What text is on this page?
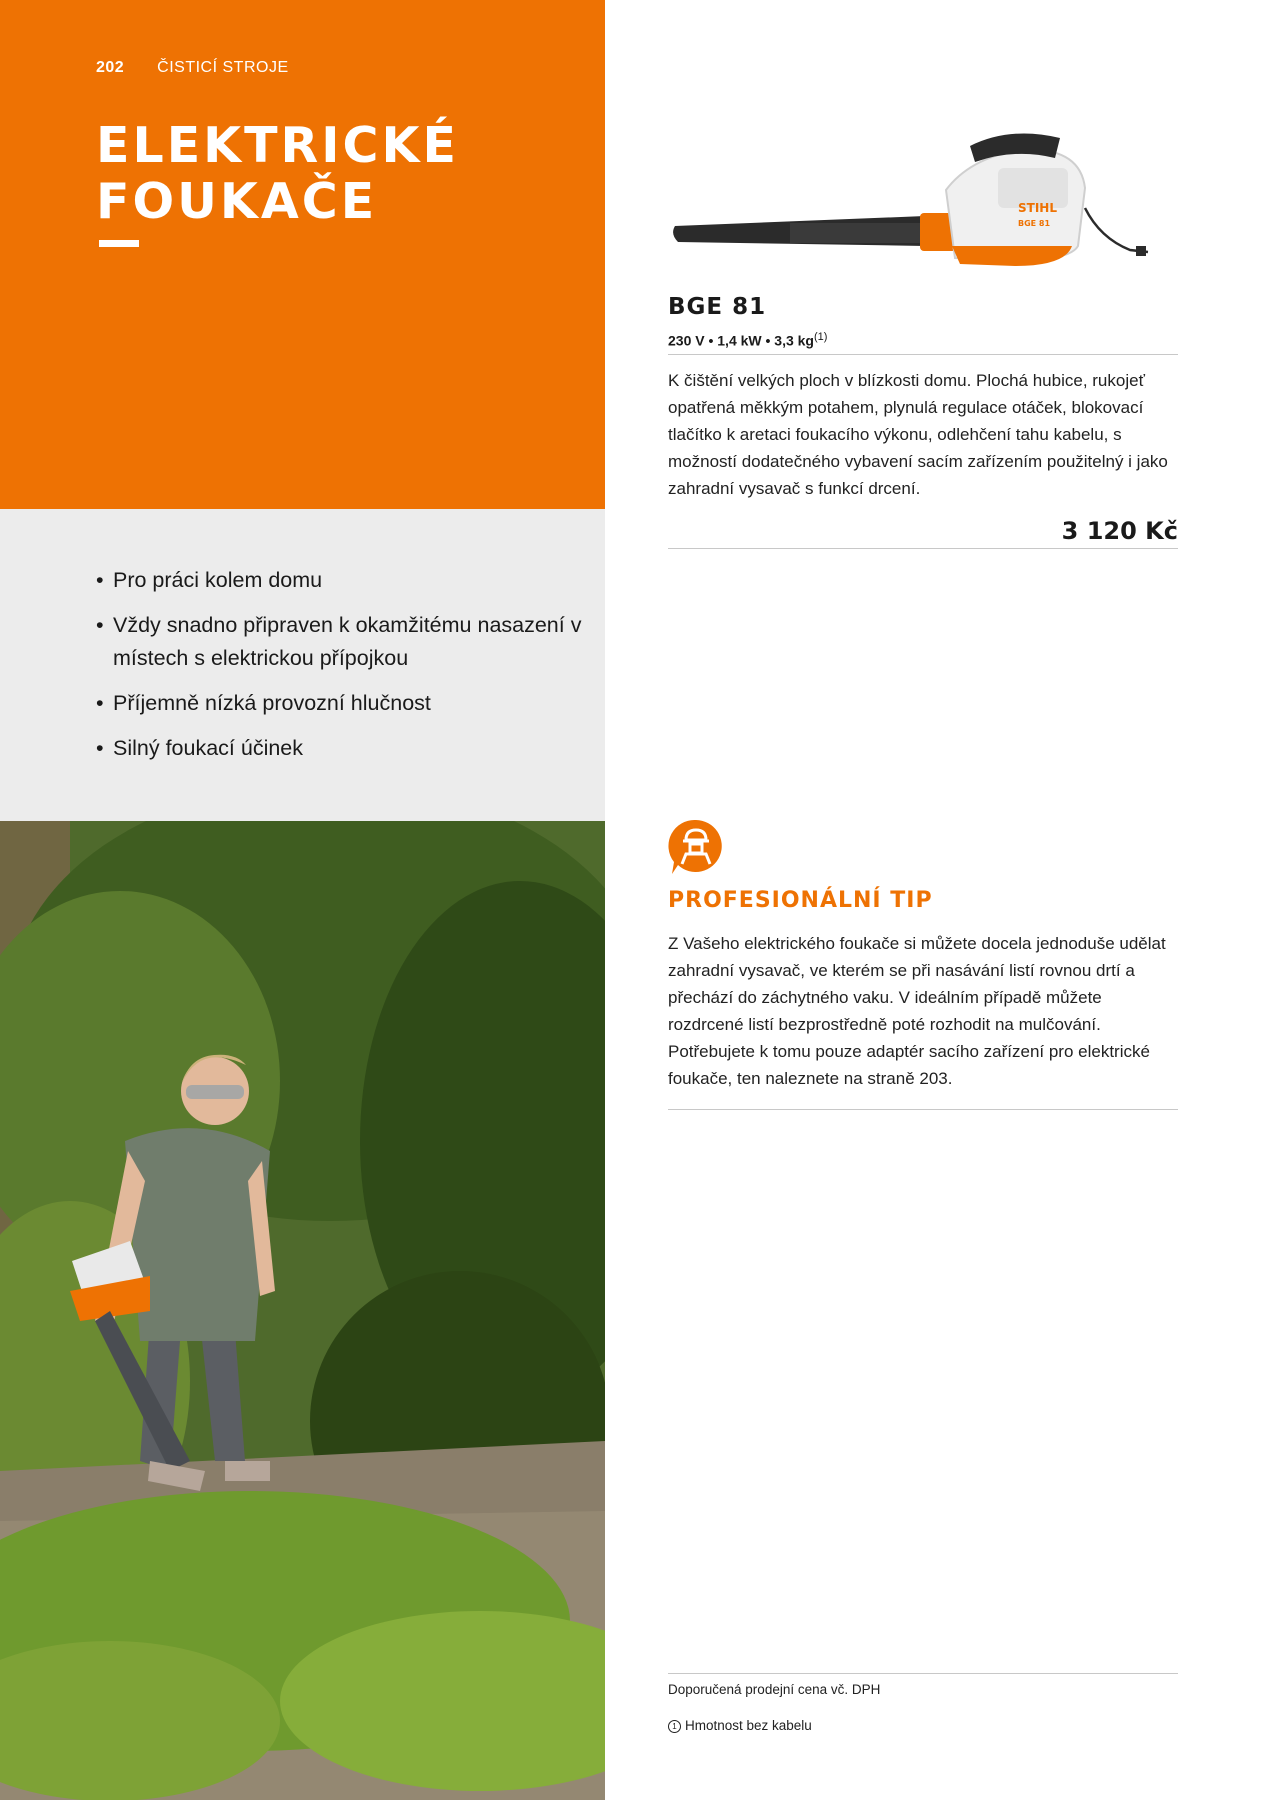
202 ČISTICÍ STROJE
ELEKTRICKÉ
FOUKAČE
• Pro práci kolem domu
• Vždy snadno připraven k okamžitému nasazení v místech s elektrickou přípojkou
• Příjemně nízká provozní hlučnost
• Silný foukací účinek
STIHL
BGE 81
BGE 81
230 V • 1,4 kW • 3,3 $kg^{(1)}$

K čištění velkých ploch v blízkosti domu. Plochá hubice, rukojeť opatřená měkkým potahem, plynulá regulace otáček, blokovací tlačítko k aretaci foukacího výkonu, odlehčení tahu kabelu, s možností dodatečného vybavení sacím zařízením použitelný i jako zahradní vysavač s funkcí drcení.

3 120 Kč
PROFESIONÁLNÍ TIP

Z Vašeho elektrického foukače si můžete docela jednoduše udělat zahradní vysavač, ve kterém se při nasávání listí rovnou drtí a přechází do záchytného vaku. V ideálním případě můžete rozdrcené listí bezprostředně poté rozhodit na mulčování. Potřebujete k tomu pouze adaptér sacího zařízení pro elektrické foukače, ten naleznete na straně 203.

Doporučená prodejní cena vč. DPH
1 Hmotnost bez kabelu
